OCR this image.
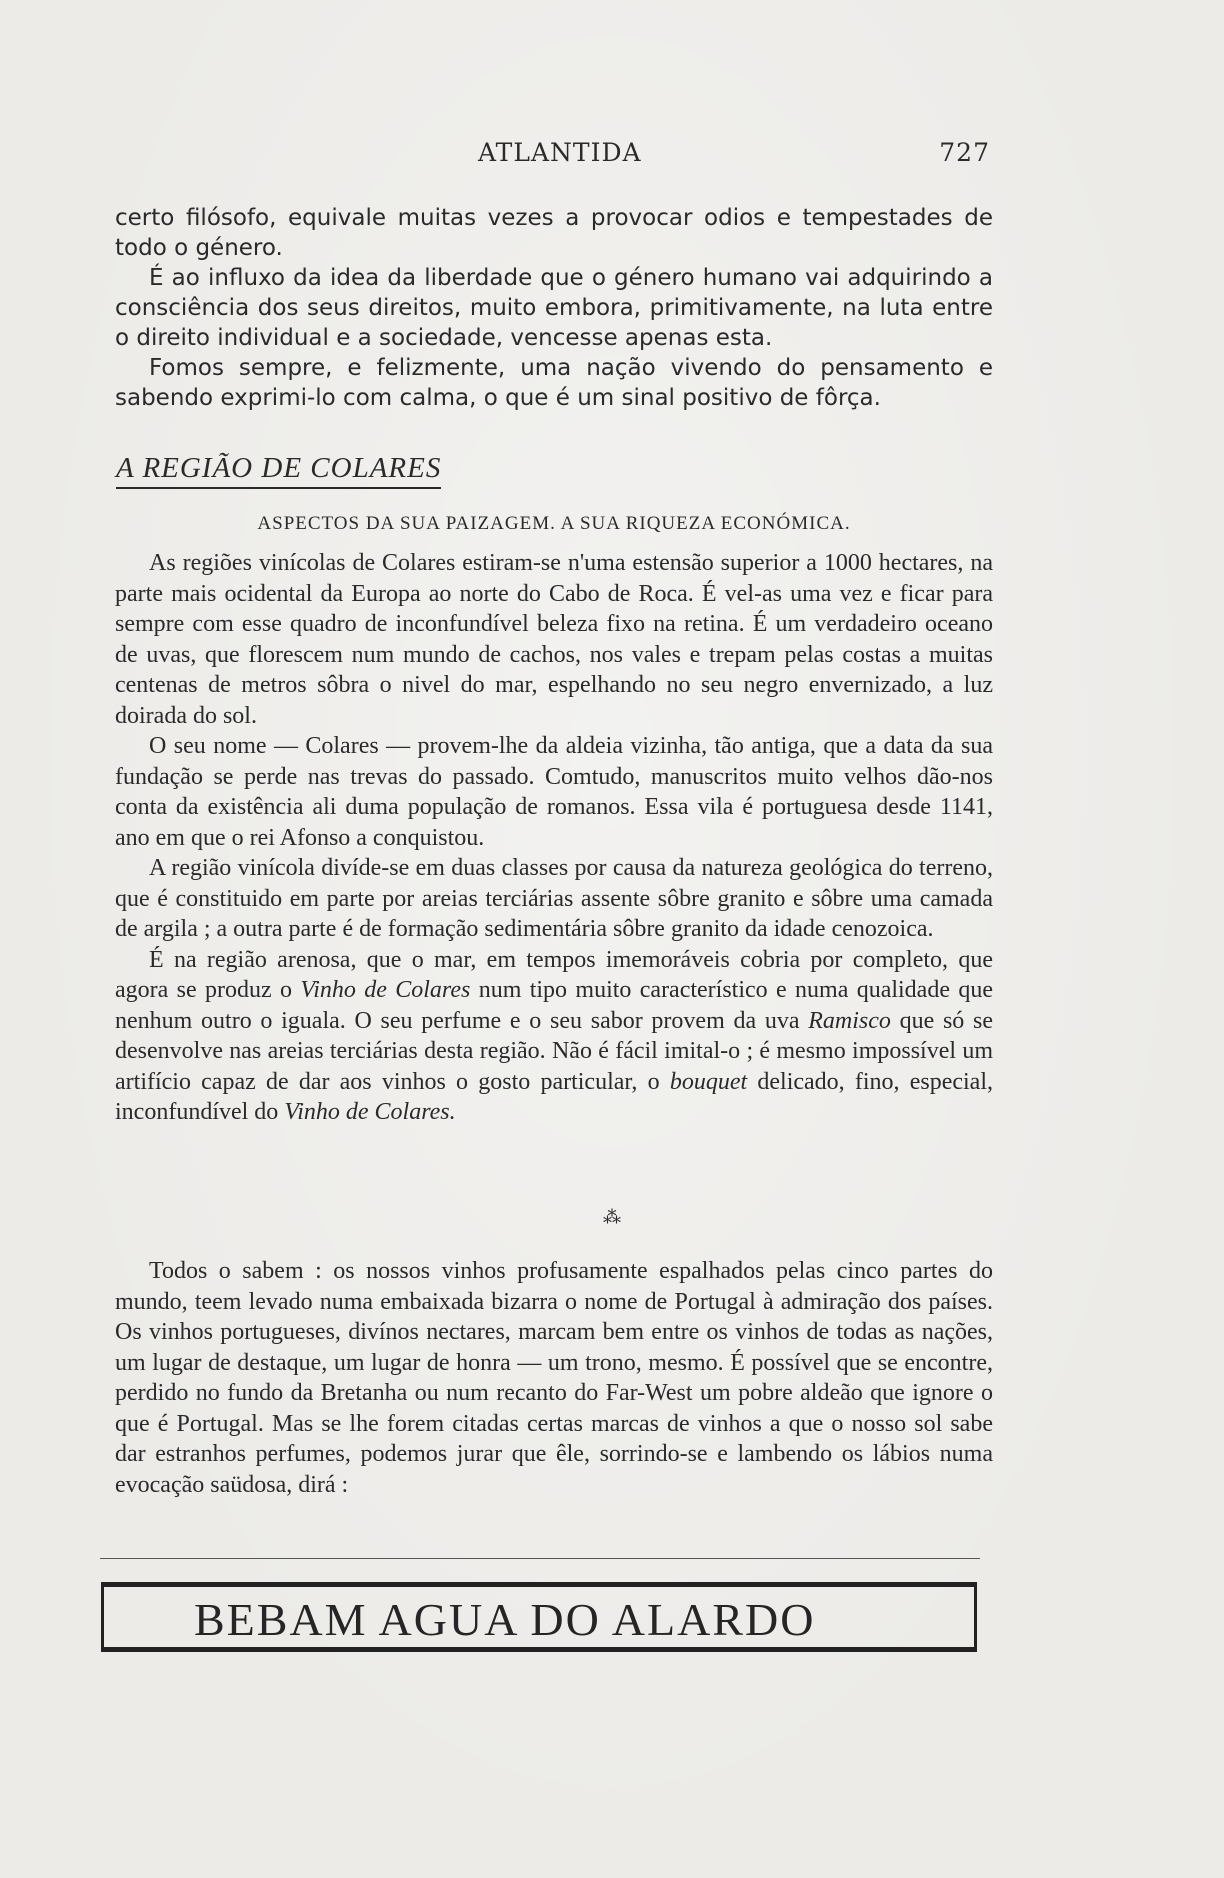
ATLANTIDA	727

certo filósofo, equivale muitas vezes a provocar odios e tempestades de todo o género.

É ao influxo da idea da liberdade que o género humano vai adquirindo a consciência dos seus direitos, muito embora, primitivamente, na luta entre o direito individual e a sociedade, vencesse apenas esta.

Fomos sempre, e felizmente, uma nação vivendo do pensamento e sabendo exprimi-lo com calma, o que é um sinal positivo de fôrça.

A REGIÃO DE COLARES
ASPECTOS DA SUA PAIZAGEM. A SUA RIQUEZA ECONÓMICA.

As regiões vinícolas de Colares estiram-se n'uma estensão superior a 1000 hectares, na parte mais ocidental da Europa ao norte do Cabo de Roca. É vel-as uma vez e ficar para sempre com esse quadro de inconfundível beleza fixo na retina. É um verdadeiro oceano de uvas, que florescem num mundo de cachos, nos vales e trepam pelas costas a muitas centenas de metros sôbra o nivel do mar, espelhando no seu negro envernizado, a luz doirada do sol.

O seu nome — Colares — provem-lhe da aldeia vizinha, tão antiga, que a data da sua fundação se perde nas trevas do passado. Comtudo, manuscritos muito velhos dão-nos conta da existência ali duma população de romanos. Essa vila é portuguesa desde 1141, ano em que o rei Afonso a conquistou.

A região vinícola divíde-se em duas classes por causa da natureza geológica do terreno, que é constituido em parte por areias terciárias assente sôbre granito e sôbre uma camada de argila ; a outra parte é de formação sedimentária sôbre granito da idade cenozoica.

É na região arenosa, que o mar, em tempos imemoráveis cobria por completo, que agora se produz o Vinho de Colares num tipo muito característico e numa qualidade que nenhum outro o iguala. O seu perfume e o seu sabor provem da uva Ramisco que só se desenvolve nas areias terciárias desta região. Não é fácil imital-o ; é mesmo impossível um artifício capaz de dar aos vinhos o gosto particular, o bouquet delicado, fino, especial, inconfundível do Vinho de Colares.

⁂

Todos o sabem : os nossos vinhos profusamente espalhados pelas cinco partes do mundo, teem levado numa embaixada bizarra o nome de Portugal à admiração dos países. Os vinhos portugueses, divínos nectares, marcam bem entre os vinhos de todas as nações, um lugar de destaque, um lugar de honra — um trono, mesmo. É possível que se encontre, perdido no fundo da Bretanha ou num recanto do Far-West um pobre aldeão que ignore o que é Portugal. Mas se lhe forem citadas certas marcas de vinhos a que o nosso sol sabe dar estranhos perfumes, podemos jurar que êle, sorrindo-se e lambendo os lábios numa evocação saüdosa, dirá :

BEBAM AGUA DO ALARDO
